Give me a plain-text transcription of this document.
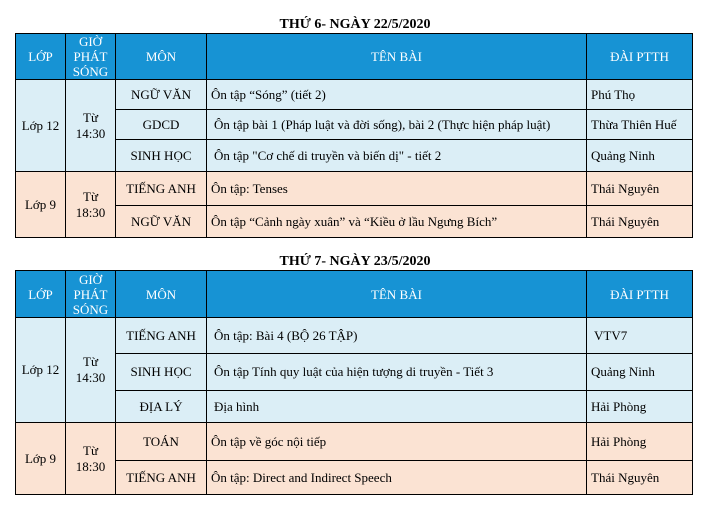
THỨ 6- NGÀY 22/5/2020
LỚP	GIỜ PHÁT SÓNG	MÔN	TÊN BÀI	ĐÀI PTTH
Lớp 12	Từ 14:30	NGỮ VĂN	Ôn tập “Sóng” (tiết 2)	Phú Thọ
		GDCD	Ôn tập bài 1 (Pháp luật và đời sống), bài 2 (Thực hiện pháp luật)	Thừa Thiên Huế
		SINH HỌC	Ôn tập "Cơ chế di truyền và biến dị" - tiết 2	Quảng Ninh
Lớp 9	Từ 18:30	TIẾNG ANH	Ôn tập: Tenses	Thái Nguyên
		NGỮ VĂN	Ôn tập “Cảnh ngày xuân” và “Kiều ở lầu Ngưng Bích”	Thái Nguyên
THỨ 7- NGÀY 23/5/2020
LỚP	GIỜ PHÁT SÓNG	MÔN	TÊN BÀI	ĐÀI PTTH
Lớp 12	Từ 14:30	TIẾNG ANH	Ôn tập: Bài 4 (BỘ 26 TẬP)	VTV7
		SINH HỌC	Ôn tập Tính quy luật của hiện tượng di truyền - Tiết 3	Quảng Ninh
		ĐỊA LÝ	Địa hình	Hải Phòng
Lớp 9	Từ 18:30	TOÁN	Ôn tập về góc nội tiếp	Hải Phòng
		TIẾNG ANH	Ôn tập: Direct and Indirect Speech	Thái Nguyên
